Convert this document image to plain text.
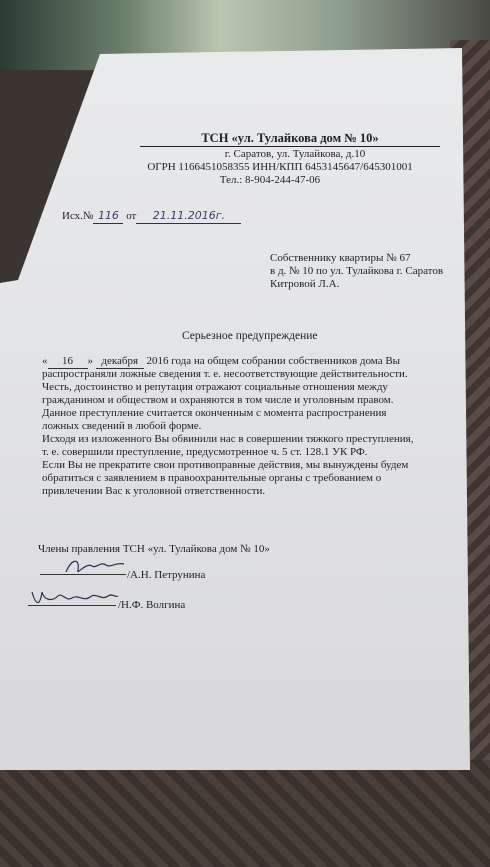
ТСН «ул. Тулайкова дом № 10»
г. Саратов, ул. Тулайкова, д.10
ОГРН 1166451058355 ИНН/КПП 6453145647/645301001
Тел.: 8-904-244-47-06
Исх.№ 116 от 21.11.2016г.
Собственнику квартиры № 67
в д. № 10 по ул. Тулайкова г. Саратов
Китровой Л.А.
Серьезное предупреждение
« 16 » декабря 2016 года на общем собрании собственников дома Вы
распространяли ложные сведения т. е. несоответствующие действительности.
Честь, достоинство и репутация отражают социальные отношения между
гражданином и обществом и охраняются в том числе и уголовным правом.
Данное преступление считается оконченным с момента распространения
ложных сведений в любой форме.
Исходя из изложенного Вы обвинили нас в совершении тяжкого преступления,
т. е. совершили преступление, предусмотренное ч. 5 ст. 128.1 УК РФ.
Если Вы не прекратите свои противоправные действия, мы вынуждены будем
обратиться с заявлением в правоохранительные органы с требованием о
привлечении Вас к уголовной ответственности.
Члены правления ТСН «ул. Тулайкова дом № 10»
/А.Н. Петрунина
/Н.Ф. Волгина
